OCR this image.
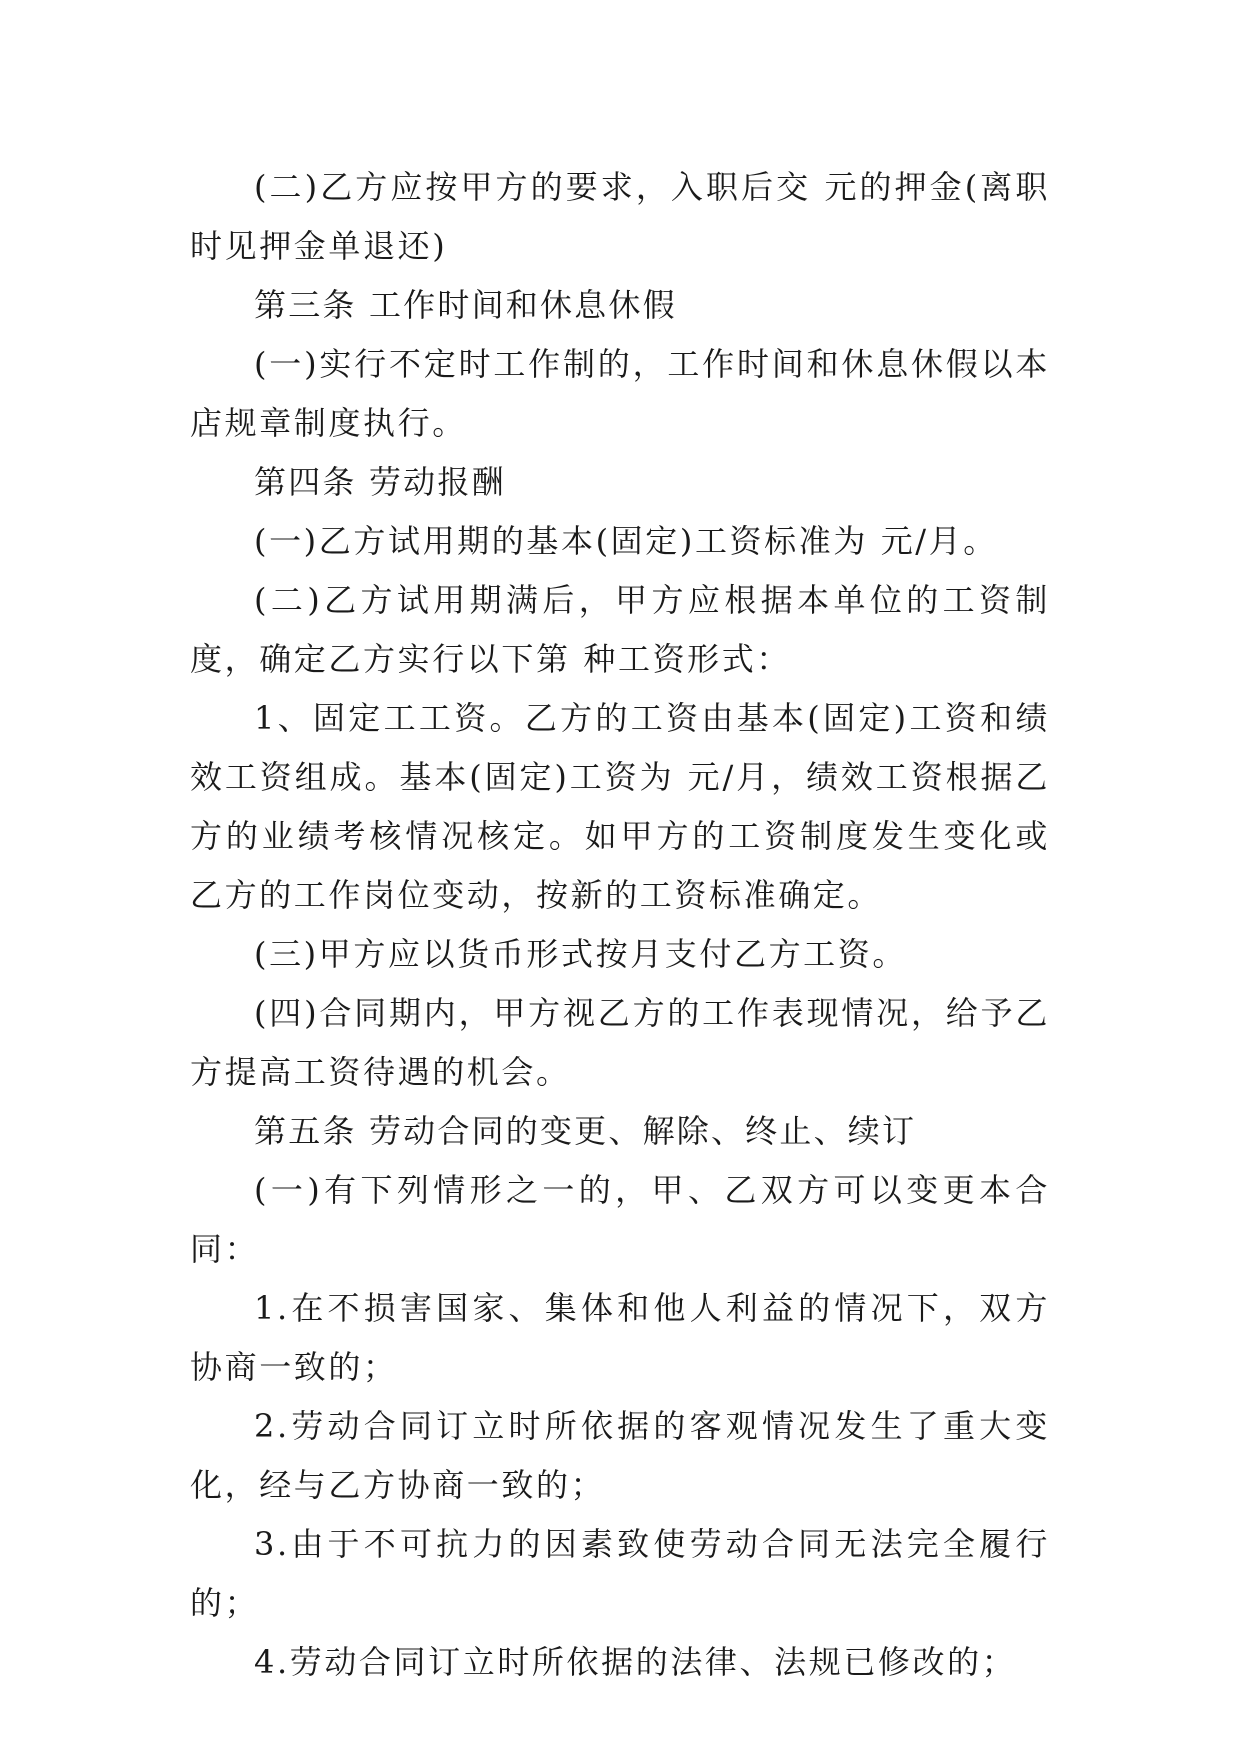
(二)乙方应按甲方的要求，入职后交 元的押金(离职时见押金单退还)

第三条 工作时间和休息休假

(一)实行不定时工作制的，工作时间和休息休假以本店规章制度执行。

第四条 劳动报酬

(一)乙方试用期的基本(固定)工资标准为 元/月。

(二)乙方试用期满后，甲方应根据本单位的工资制度，确定乙方实行以下第 种工资形式：

1、固定工工资。乙方的工资由基本(固定)工资和绩效工资组成。基本(固定)工资为 元/月，绩效工资根据乙方的业绩考核情况核定。如甲方的工资制度发生变化或乙方的工作岗位变动，按新的工资标准确定。

(三)甲方应以货币形式按月支付乙方工资。

(四)合同期内，甲方视乙方的工作表现情况，给予乙方提高工资待遇的机会。

第五条 劳动合同的变更、解除、终止、续订

(一)有下列情形之一的，甲、乙双方可以变更本合同：

1.在不损害国家、集体和他人利益的情况下，双方协商一致的；

2.劳动合同订立时所依据的客观情况发生了重大变化，经与乙方协商一致的；

3.由于不可抗力的因素致使劳动合同无法完全履行的；

4.劳动合同订立时所依据的法律、法规已修改的；
